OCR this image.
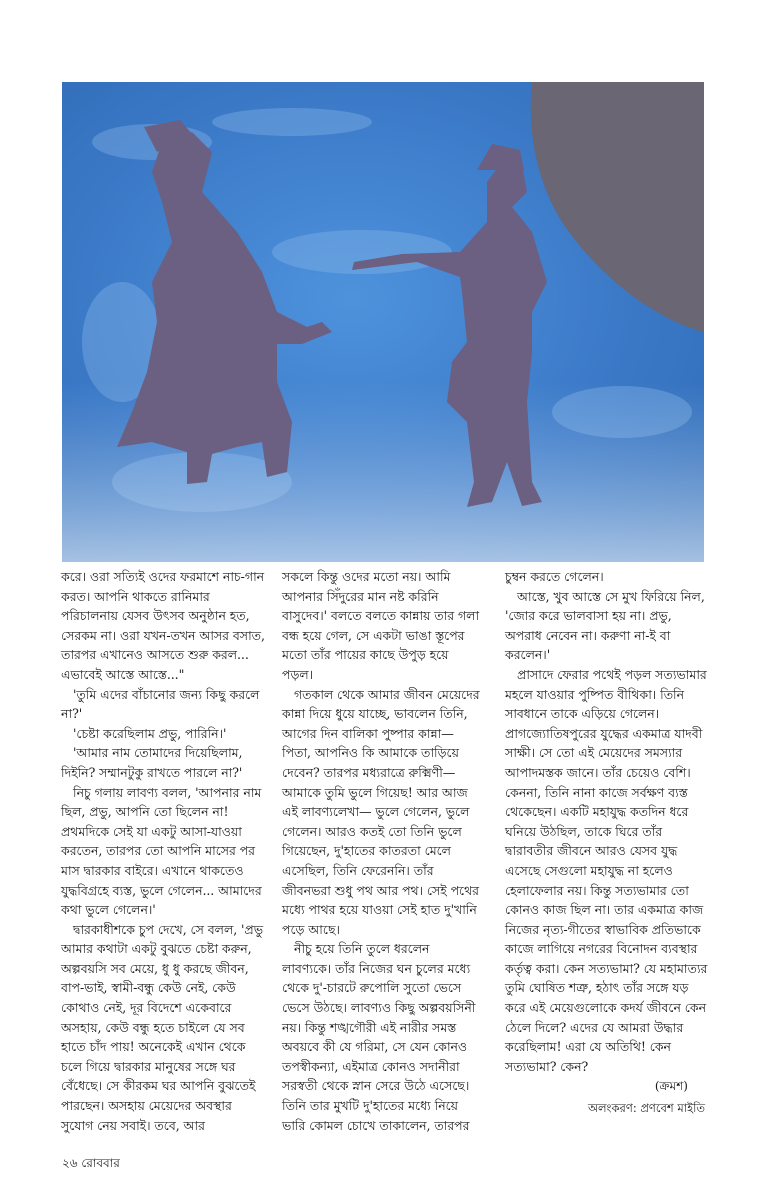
করে। ওরা সত্যিই ওদের ফরমাশে নাচ-গান করত। আপনি থাকতে রানিমার পরিচালনায় যেসব উৎসব অনুষ্ঠান হত, সেরকম না। ওরা যখন-তখন আসর বসাত, তারপর এখানেও আসতে শুরু করল... এভাবেই আস্তে আস্তে..."

'তুমি এদের বাঁচানোর জন্য কিছু করলে না?'

'চেষ্টা করেছিলাম প্রভু, পারিনি।'

'আমার নাম তোমাদের দিয়েছিলাম, দিইনি? সম্মানটুকু রাখতে পারলে না?'

নিচু গলায় লাবণ্য বলল, 'আপনার নাম ছিল, প্রভু, আপনি তো ছিলেন না! প্রথমদিকে সেই যা একটু আসা-যাওয়া করতেন, তারপর তো আপনি মাসের পর মাস দ্বারকার বাইরে। এখানে থাকতেও যুদ্ধবিগ্রহে ব্যস্ত, ভুলে গেলেন... আমাদের কথা ভুলে গেলেন।'

দ্বারকাধীশকে চুপ দেখে, সে বলল, 'প্রভু আমার কথাটা একটু বুঝতে চেষ্টা করুন, অল্পবয়সি সব মেয়ে, ধু ধু করছে জীবন, বাপ-ভাই, স্বামী-বন্ধু কেউ নেই, কেউ কোথাও নেই, দূর বিদেশে একেবারে অসহায়, কেউ বন্ধু হতে চাইলে যে সব হাতে চাঁদ পায়! অনেকেই এখান থেকে চলে গিয়ে দ্বারকার মানুষের সঙ্গে ঘর বেঁধেছে। সে কীরকম ঘর আপনি বুঝতেই পারছেন। অসহায় মেয়েদের অবস্থার সুযোগ নেয় সবাই। তবে, আর

সকলে কিন্তু ওদের মতো নয়। আমি আপনার সিঁদুরের মান নষ্ট করিনি বাসুদেব।' বলতে বলতে কান্নায় তার গলা বন্ধ হয়ে গেল, সে একটা ভাঙা স্তূপের মতো তাঁর পায়ের কাছে উপুড় হয়ে পড়ল।

গতকাল থেকে আমার জীবন মেয়েদের কান্না দিয়ে ধুয়ে যাচ্ছে, ভাবলেন তিনি, আগের দিন বালিকা পুষ্পার কান্না— পিতা, আপনিও কি আমাকে তাড়িয়ে দেবেন? তারপর মধ্যরাত্রে রুক্মিণী— আমাকে তুমি ভুলে গিয়েছ! আর আজ এই লাবণ্যলেখা— ভুলে গেলেন, ভুলে গেলেন। আরও কতই তো তিনি ভুলে গিয়েছেন, দু'হাতের কাতরতা মেলে এসেছিল, তিনি ফেরেননি। তাঁর জীবনভরা শুধু পথ আর পথ। সেই পথের মধ্যে পাথর হয়ে যাওয়া সেই হাত দু'খানি পড়ে আছে।

নীচু হয়ে তিনি তুলে ধরলেন লাবণ্যকে। তাঁর নিজের ঘন চুলের মধ্যে থেকে দু'-চারটে রুপোলি সুতো ভেসে ভেসে উঠছে। লাবণ্যও কিছু অল্পবয়সিনী নয়। কিন্তু শঙ্খগৌরী এই নারীর সমস্ত অবয়বে কী যে গরিমা, সে যেন কোনও তপস্বীকন্যা, এইমাত্র কোনও সদানীরা সরস্বতী থেকে স্নান সেরে উঠে এসেছে। তিনি তার মুখটি দু'হাতের মধ্যে নিয়ে ভারি কোমল চোখে তাকালেন, তারপর

চুম্বন করতে গেলেন।

আস্তে, খুব আস্তে সে মুখ ফিরিয়ে নিল, 'জোর করে ভালবাসা হয় না। প্রভু, অপরাধ নেবেন না। করুণা না-ই বা করলেন।'

প্রাসাদে ফেরার পথেই পড়ল সত্যভামার মহলে যাওয়ার পুষ্পিত বীথিকা। তিনি সাবধানে তাকে এড়িয়ে গেলেন। প্রাগজ্যোতিষপুরের যুদ্ধের একমাত্র যাদবী সাক্ষী। সে তো এই মেয়েদের সমস্যার আপাদমস্তক জানে। তাঁর চেয়েও বেশি। কেননা, তিনি নানা কাজে সর্বক্ষণ ব্যস্ত থেকেছেন। একটি মহাযুদ্ধ কতদিন ধরে ঘনিয়ে উঠছিল, তাকে ঘিরে তাঁর দ্বারাবতীর জীবনে আরও যেসব যুদ্ধ এসেছে সেগুলো মহাযুদ্ধ না হলেও হেলাফেলার নয়। কিন্তু সত্যভামার তো কোনও কাজ ছিল না। তার একমাত্র কাজ নিজের নৃত্য-গীতের স্বাভাবিক প্রতিভাকে কাজে লাগিয়ে নগরের বিনোদন ব্যবস্থার কর্তৃত্ব করা। কেন সত্যভামা? যে মহামাত্যর তুমি ঘোষিত শত্রু, হঠাৎ তাঁর সঙ্গে যড় করে এই মেয়েগুলোকে কদর্য জীবনে কেন ঠেলে দিলে? এদের যে আমরা উদ্ধার করেছিলাম! এরা যে অতিথি! কেন সত্যভামা? কেন?

(ক্রমশ)
অলংকরণ: প্রণবেশ মাইতি
২৬ রোববার
